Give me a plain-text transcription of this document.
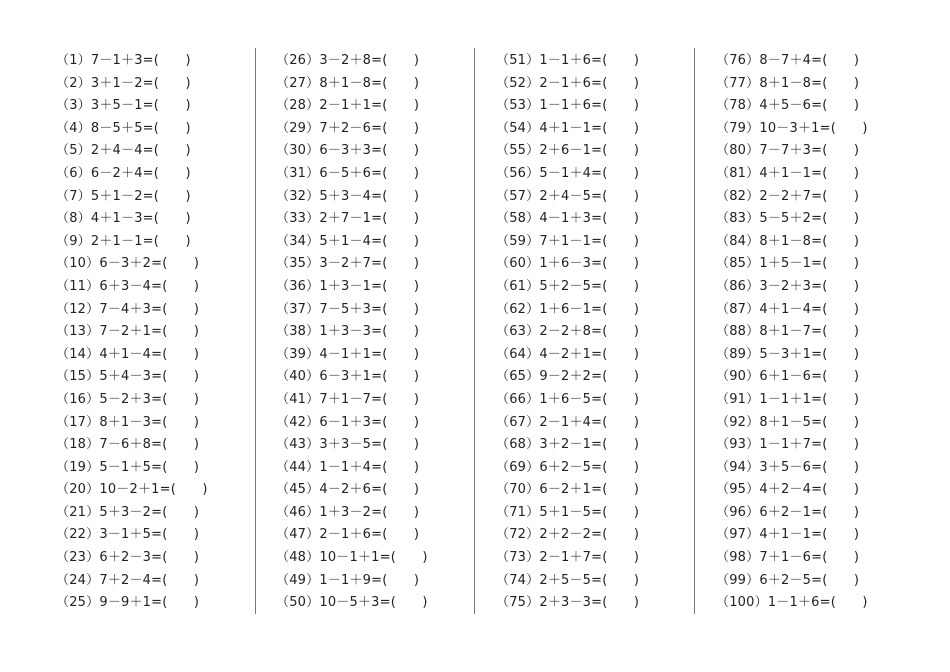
（1）7－1＋3=(　　)
（2）3＋1－2=(　　)
（3）3＋5－1=(　　)
（4）8－5＋5=(　　)
（5）2＋4－4=(　　)
（6）6－2＋4=(　　)
（7）5＋1－2=(　　)
（8）4＋1－3=(　　)
（9）2＋1－1=(　　)
（10）6－3＋2=(　　)
（11）6＋3－4=(　　)
（12）7－4＋3=(　　)
（13）7－2＋1=(　　)
（14）4＋1－4=(　　)
（15）5＋4－3=(　　)
（16）5－2＋3=(　　)
（17）8＋1－3=(　　)
（18）7－6＋8=(　　)
（19）5－1＋5=(　　)
（20）10－2＋1=(　　)
（21）5＋3－2=(　　)
（22）3－1＋5=(　　)
（23）6＋2－3=(　　)
（24）7＋2－4=(　　)
（25）9－9＋1=(　　)
（26）3－2＋8=(　　)
（27）8＋1－8=(　　)
（28）2－1＋1=(　　)
（29）7＋2－6=(　　)
（30）6－3＋3=(　　)
（31）6－5＋6=(　　)
（32）5＋3－4=(　　)
（33）2＋7－1=(　　)
（34）5＋1－4=(　　)
（35）3－2＋7=(　　)
（36）1＋3－1=(　　)
（37）7－5＋3=(　　)
（38）1＋3－3=(　　)
（39）4－1＋1=(　　)
（40）6－3＋1=(　　)
（41）7＋1－7=(　　)
（42）6－1＋3=(　　)
（43）3＋3－5=(　　)
（44）1－1＋4=(　　)
（45）4－2＋6=(　　)
（46）1＋3－2=(　　)
（47）2－1＋6=(　　)
（48）10－1＋1=(　　)
（49）1－1＋9=(　　)
（50）10－5＋3=(　　)
（51）1－1＋6=(　　)
（52）2－1＋6=(　　)
（53）1－1＋6=(　　)
（54）4＋1－1=(　　)
（55）2＋6－1=(　　)
（56）5－1＋4=(　　)
（57）2＋4－5=(　　)
（58）4－1＋3=(　　)
（59）7＋1－1=(　　)
（60）1＋6－3=(　　)
（61）5＋2－5=(　　)
（62）1＋6－1=(　　)
（63）2－2＋8=(　　)
（64）4－2＋1=(　　)
（65）9－2＋2=(　　)
（66）1＋6－5=(　　)
（67）2－1＋4=(　　)
（68）3＋2－1=(　　)
（69）6＋2－5=(　　)
（70）6－2＋1=(　　)
（71）5＋1－5=(　　)
（72）2＋2－2=(　　)
（73）2－1＋7=(　　)
（74）2＋5－5=(　　)
（75）2＋3－3=(　　)
（76）8－7＋4=(　　)
（77）8＋1－8=(　　)
（78）4＋5－6=(　　)
（79）10－3＋1=(　　)
（80）7－7＋3=(　　)
（81）4＋1－1=(　　)
（82）2－2＋7=(　　)
（83）5－5＋2=(　　)
（84）8＋1－8=(　　)
（85）1＋5－1=(　　)
（86）3－2＋3=(　　)
（87）4＋1－4=(　　)
（88）8＋1－7=(　　)
（89）5－3＋1=(　　)
（90）6＋1－6=(　　)
（91）1－1＋1=(　　)
（92）8＋1－5=(　　)
（93）1－1＋7=(　　)
（94）3＋5－6=(　　)
（95）4＋2－4=(　　)
（96）6＋2－1=(　　)
（97）4＋1－1=(　　)
（98）7＋1－6=(　　)
（99）6＋2－5=(　　)
（100）1－1＋6=(　　)
